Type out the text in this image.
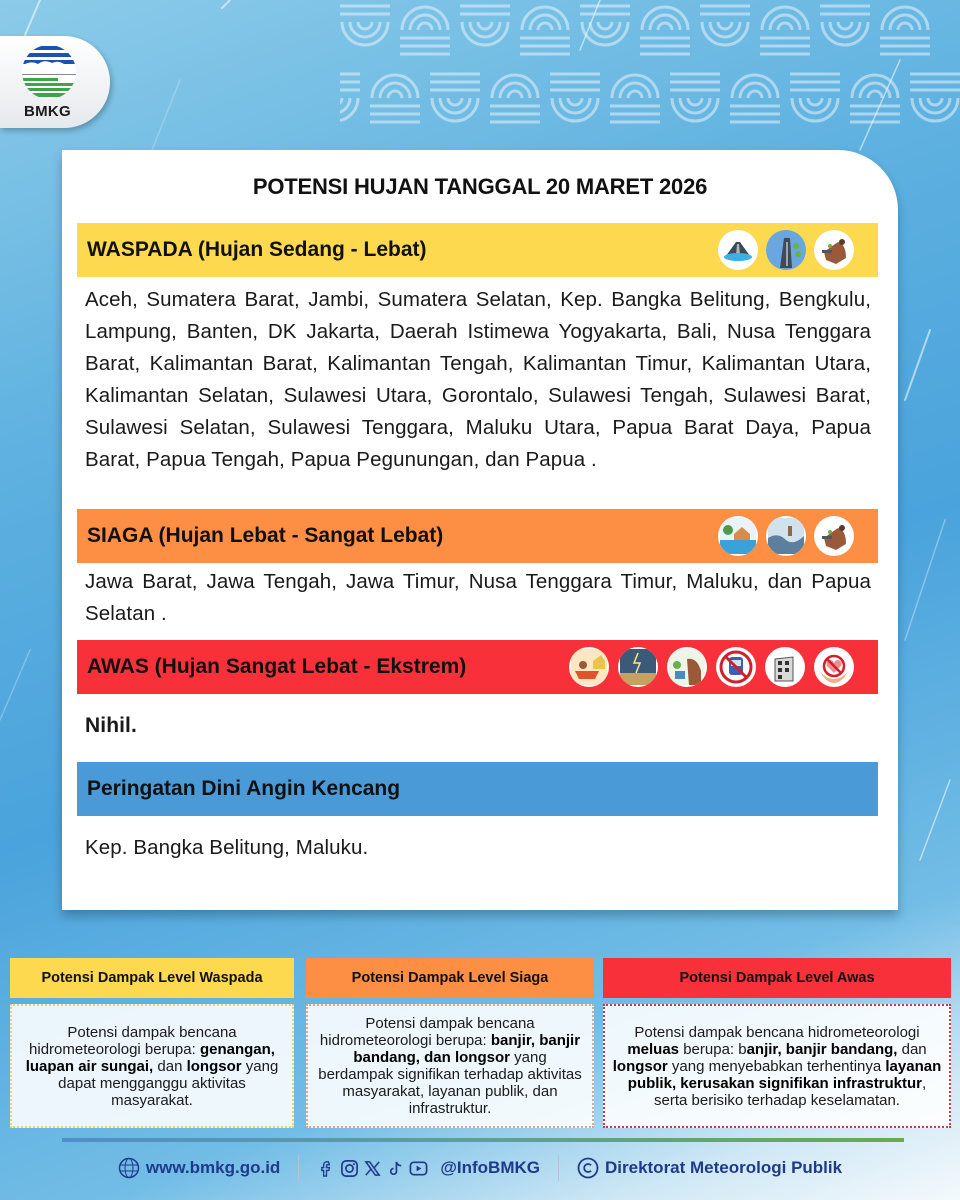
BMKG
POTENSI HUJAN TANGGAL 20 MARET 2026
WASPADA (Hujan Sedang - Lebat)
Aceh, Sumatera Barat, Jambi, Sumatera Selatan, Kep. Bangka Belitung, Bengkulu, Lampung, Banten, DK Jakarta, Daerah Istimewa Yogyakarta, Bali, Nusa Tenggara Barat, Kalimantan Barat, Kalimantan Tengah, Kalimantan Timur, Kalimantan Utara, Kalimantan Selatan, Sulawesi Utara, Gorontalo, Sulawesi Tengah, Sulawesi Barat, Sulawesi Selatan, Sulawesi Tenggara, Maluku Utara, Papua Barat Daya, Papua Barat, Papua Tengah, Papua Pegunungan, dan Papua .
SIAGA (Hujan Lebat - Sangat Lebat)
Jawa Barat, Jawa Tengah, Jawa Timur, Nusa Tenggara Timur, Maluku, dan Papua Selatan .
AWAS (Hujan Sangat Lebat - Ekstrem)
Nihil.
Peringatan Dini Angin Kencang
Kep. Bangka Belitung, Maluku.
Potensi Dampak Level Waspada
Potensi dampak bencana hidrometeorologi berupa: genangan, luapan air sungai, dan longsor yang dapat mengganggu aktivitas masyarakat.
Potensi Dampak Level Siaga
Potensi dampak bencana hidrometeorologi berupa: banjir, banjir bandang, dan longsor yang berdampak signifikan terhadap aktivitas masyarakat, layanan publik, dan infrastruktur.
Potensi Dampak Level Awas
Potensi dampak bencana hidrometeorologi meluas berupa: banjir, banjir bandang, dan longsor yang menyebabkan terhentinya layanan publik, kerusakan signifikan infrastruktur, serta berisiko terhadap keselamatan.
www.bmkg.go.id	@InfoBMKG	Direktorat Meteorologi Publik
